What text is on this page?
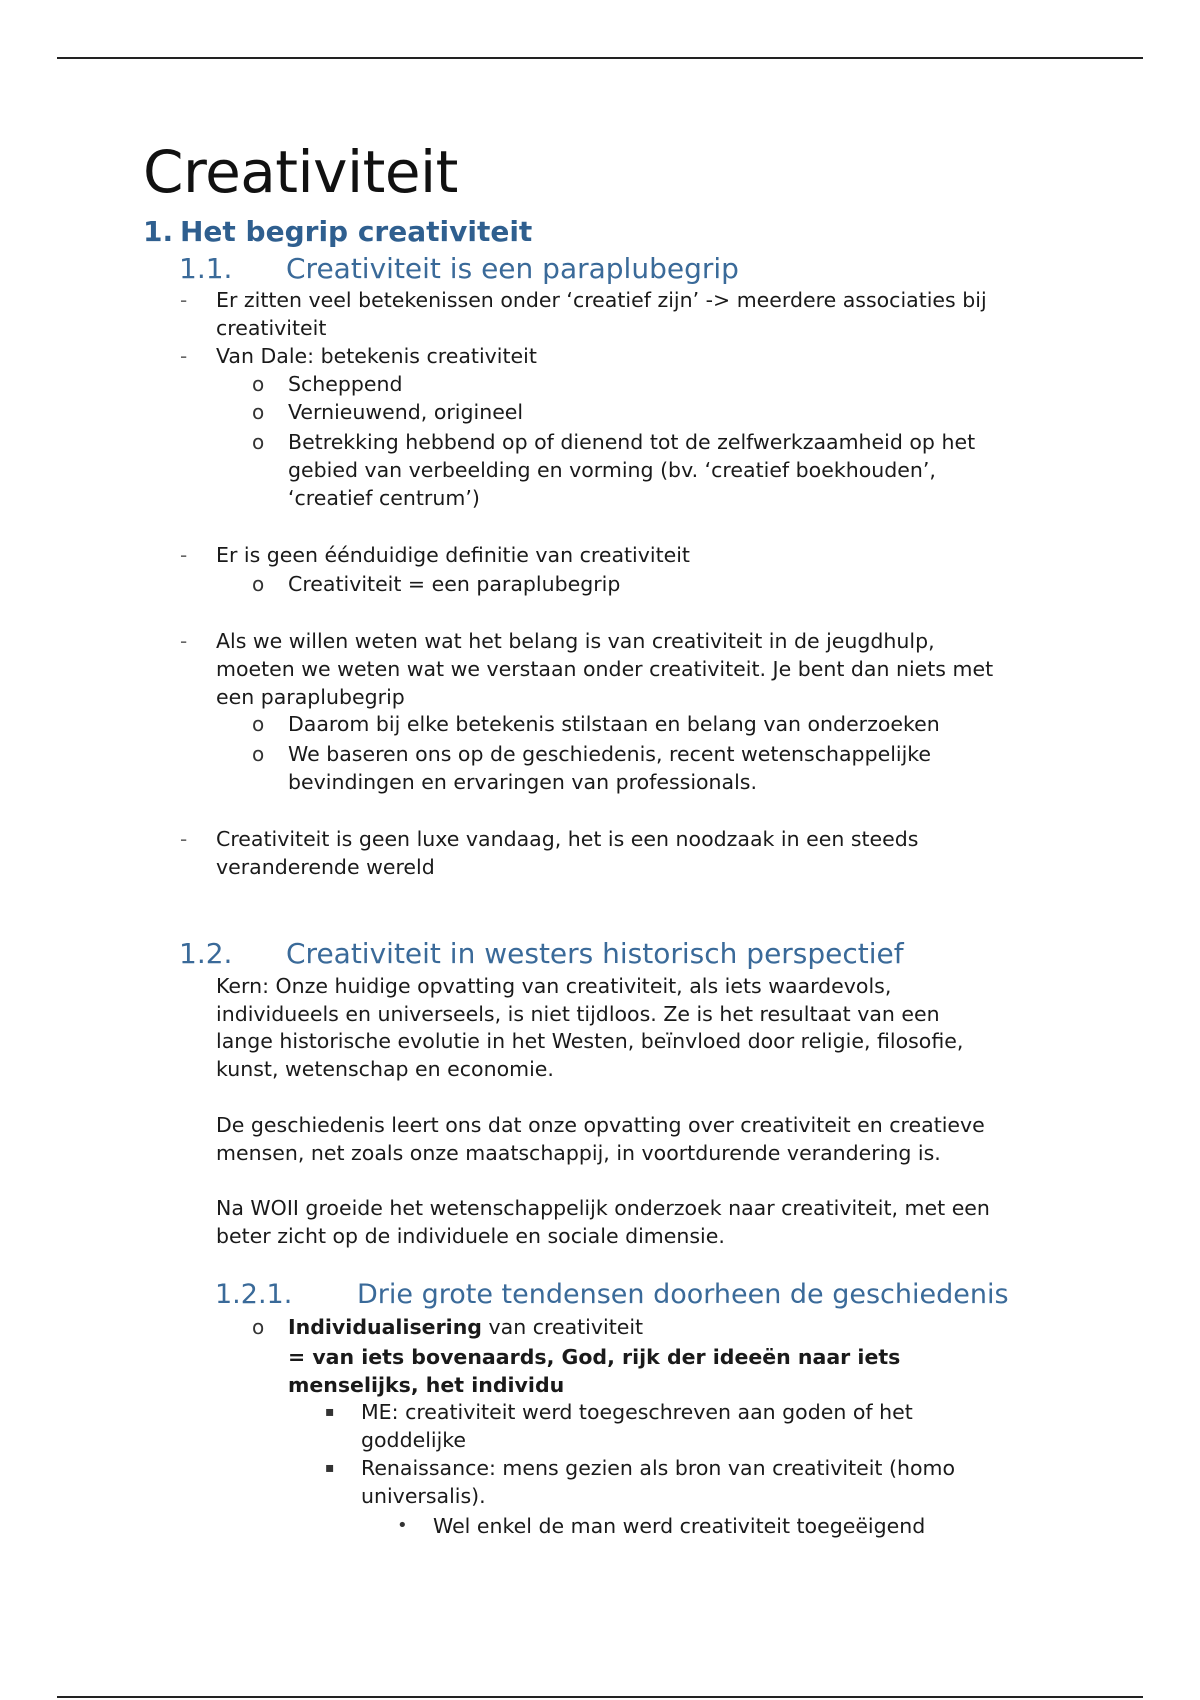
Creativiteit
1. Het begrip creativiteit
1.1. Creativiteit is een paraplubegrip
- Er zitten veel betekenissen onder ‘creatief zijn’ -> meerdere associaties bij
creativiteit
- Van Dale: betekenis creativiteit
o Scheppend
o Vernieuwend, origineel
o Betrekking hebbend op of dienend tot de zelfwerkzaamheid op het
gebied van verbeelding en vorming (bv. ‘creatief boekhouden’,
‘creatief centrum’)
- Er is geen éénduidige definitie van creativiteit
o Creativiteit = een paraplubegrip
- Als we willen weten wat het belang is van creativiteit in de jeugdhulp,
moeten we weten wat we verstaan onder creativiteit. Je bent dan niets met
een paraplubegrip
o Daarom bij elke betekenis stilstaan en belang van onderzoeken
o We baseren ons op de geschiedenis, recent wetenschappelijke
bevindingen en ervaringen van professionals.
- Creativiteit is geen luxe vandaag, het is een noodzaak in een steeds
veranderende wereld
1.2. Creativiteit in westers historisch perspectief
Kern: Onze huidige opvatting van creativiteit, als iets waardevols,
individueels en universeels, is niet tijdloos. Ze is het resultaat van een
lange historische evolutie in het Westen, beïnvloed door religie, filosofie,
kunst, wetenschap en economie.
De geschiedenis leert ons dat onze opvatting over creativiteit en creatieve
mensen, net zoals onze maatschappij, in voortdurende verandering is.
Na WOII groeide het wetenschappelijk onderzoek naar creativiteit, met een
beter zicht op de individuele en sociale dimensie.
1.2.1. Drie grote tendensen doorheen de geschiedenis
o Individualisering van creativiteit
= van iets bovenaards, God, rijk der ideeën naar iets
menselijks, het individu
▪ ME: creativiteit werd toegeschreven aan goden of het
goddelijke
▪ Renaissance: mens gezien als bron van creativiteit (homo
universalis).
• Wel enkel de man werd creativiteit toegeëigend
